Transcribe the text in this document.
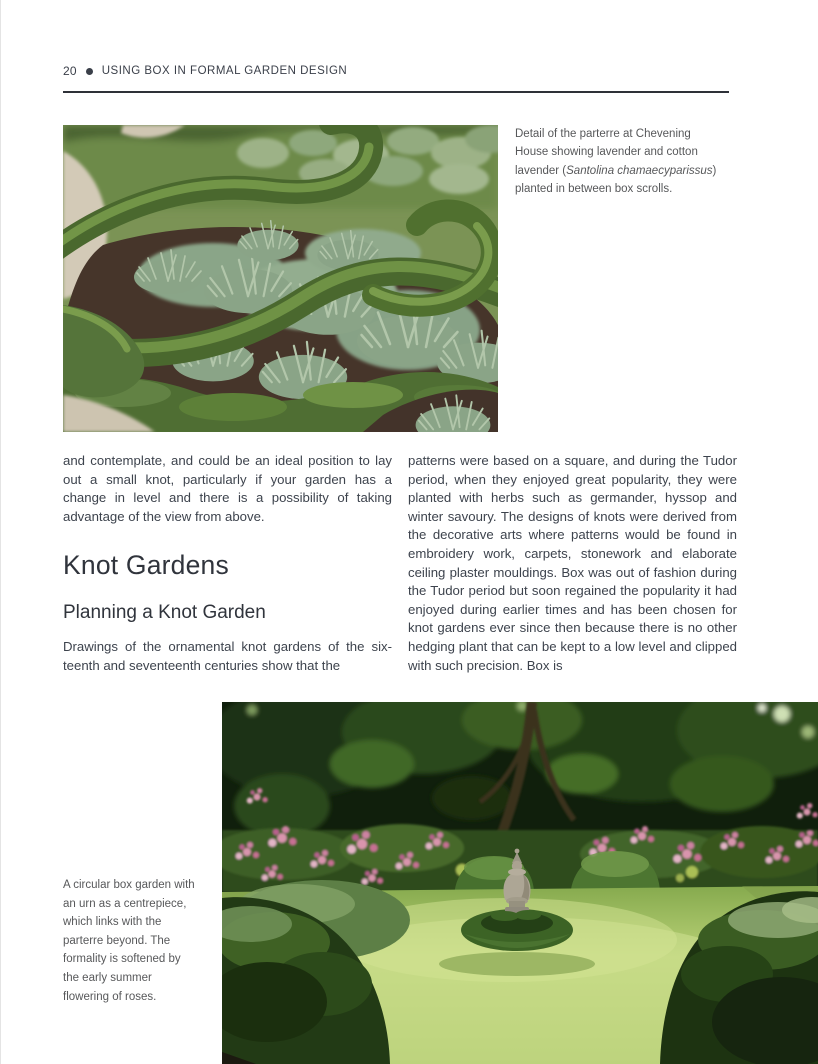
20 USING BOX IN FORMAL GARDEN DESIGN
Detail of the parterre at Chevening
House showing lavender and cotton
lavender (Santolina chamaecyparissus)
planted in between box scrolls.

and contemplate, and could be an ideal position to lay out a small knot, particularly if your garden has a change in level and there is a possibility of taking advantage of the view from above.

Knot Gardens
Planning a Knot Garden

Drawings of the ornamental knot gardens of the six-teenth and seventeenth centuries show that the

patterns were based on a square, and during the Tudor period, when they enjoyed great popularity, they were planted with herbs such as germander, hyssop and winter savoury. The designs of knots were derived from the decorative arts where patterns would be found in embroidery work, carpets, stonework and elaborate ceiling plaster mouldings. Box was out of fashion during the Tudor period but soon regained the popularity it had enjoyed during earlier times and has been chosen for knot gardens ever since then because there is no other hedging plant that can be kept to a low level and clipped with such precision. Box is

A circular box garden with
an urn as a centrepiece,
which links with the
parterre beyond. The
formality is softened by
the early summer
flowering of roses.
